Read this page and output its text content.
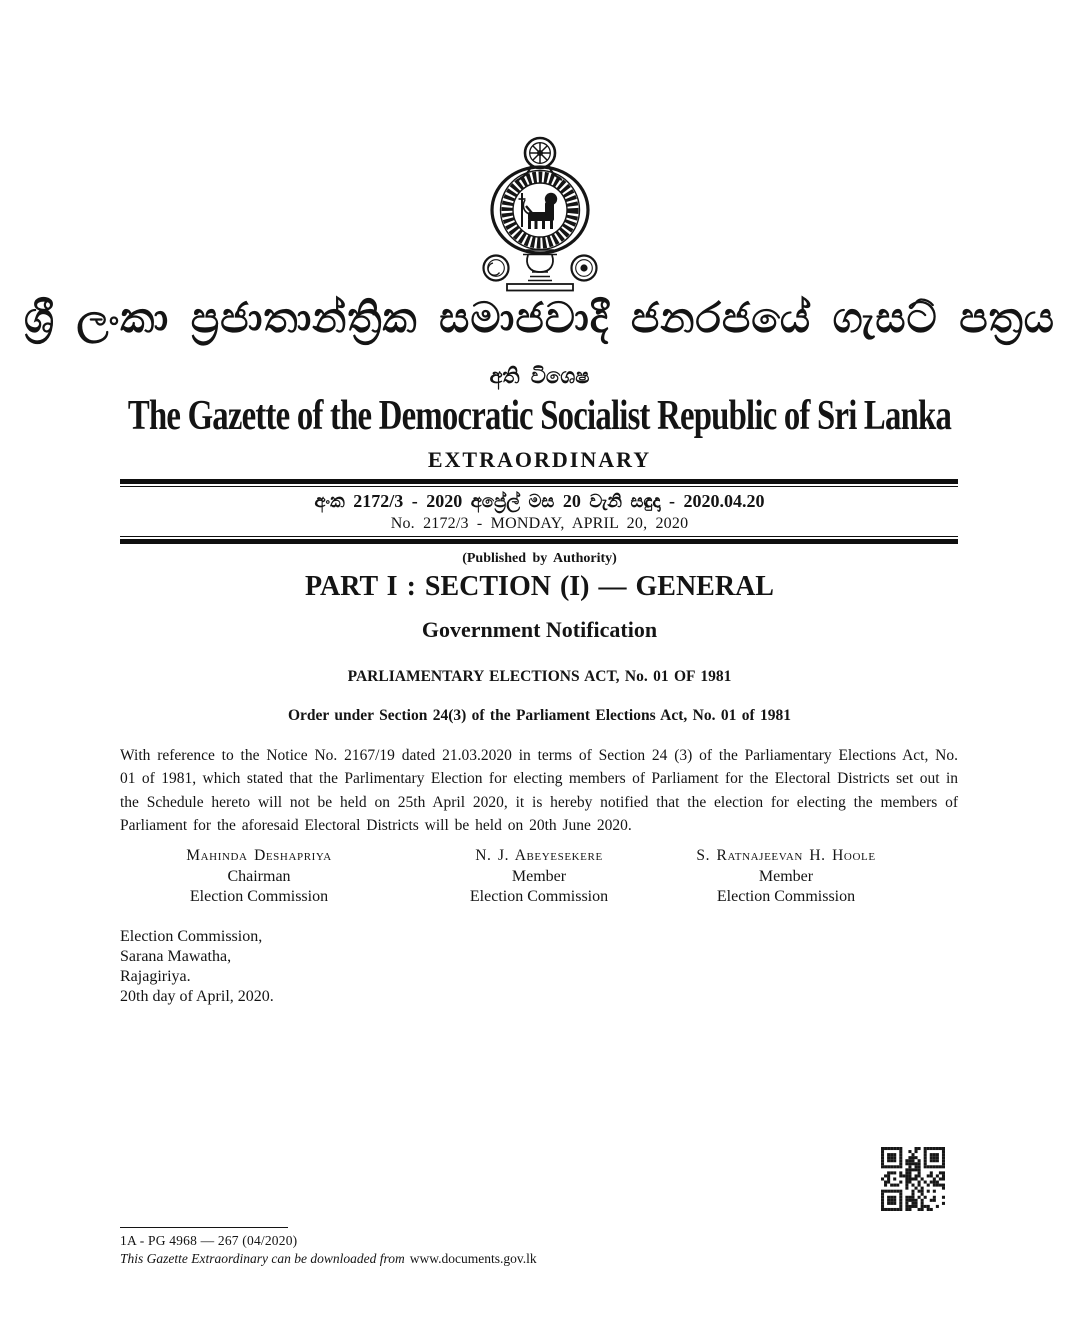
ශ්‍රී ලංකා ප්‍රජාතාන්ත්‍රික සමාජවාදී ජනරජයේ ගැසට් පත්‍රය
අති විශෙෂ
The Gazette of the Democratic Socialist Republic of Sri Lanka
EXTRAORDINARY
අංක 2172/3 - 2020 අප්‍රේල් මස 20 වැනි සඳුදා - 2020.04.20
No. 2172/3 - MONDAY, APRIL 20, 2020
(Published by Authority)
PART I : SECTION (I) — GENERAL
Government Notification
PARLIAMENTARY ELECTIONS ACT, No. 01 OF 1981
Order under Section 24(3) of the Parliament Elections Act, No. 01 of 1981
With reference to the Notice No. 2167/19 dated 21.03.2020 in terms of Section 24 (3) of the Parliamentary Elections Act, No. 01 of 1981, which stated that the Parlimentary Election for electing members of Parliament for the Electoral Districts set out in the Schedule hereto will not be held on 25th April 2020, it is hereby notified that the election for electing the members of Parliament for the aforesaid Electoral Districts will be held on 20th June 2020.
Mahinda Deshapriya
Chairman
Election Commission
N. J. Abeyesekere
Member
Election Commission
S. Ratnajeevan H. Hoole
Member
Election Commission
Election Commission,
Sarana Mawatha,
Rajagiriya.
20th day of April, 2020.
1A - PG 4968 — 267 (04/2020)
This Gazette Extraordinary can be downloaded from www.documents.gov.lk
